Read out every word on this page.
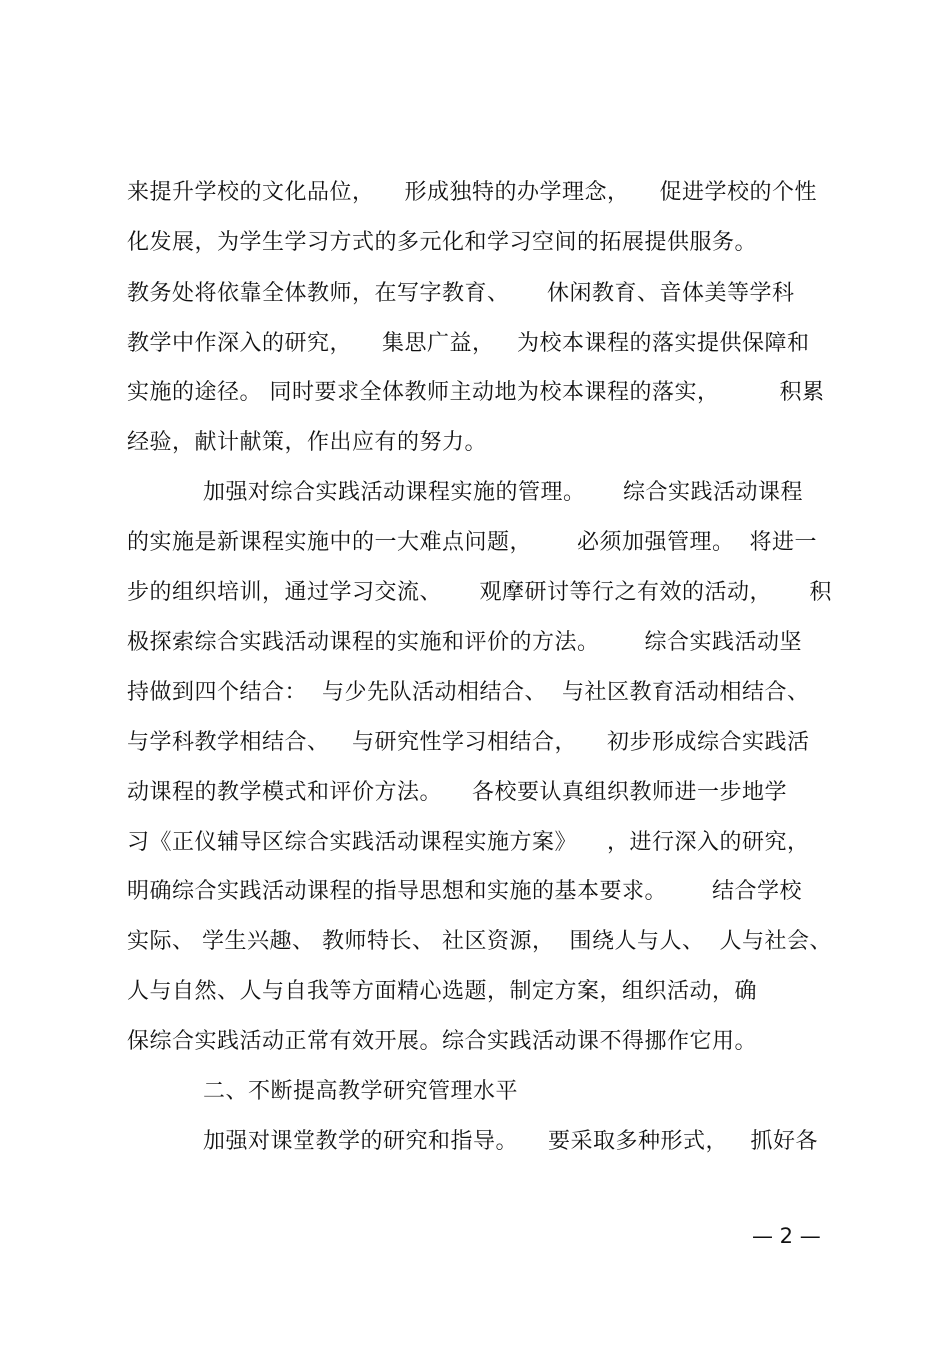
来提升学校的文化品位，    形成独特的办学理念，    促进学校的个性
化发展，为学生学习方式的多元化和学习空间的拓展提供服务。
教务处将依靠全体教师，在写字教育、     休闲教育、音体美等学科
教学中作深入的研究，    集思广益，   为校本课程的落实提供保障和
实施的途径。 同时要求全体教师主动地为校本课程的落实，        积累
经验，献计献策，作出应有的努力。
加强对综合实践活动课程实施的管理。     综合实践活动课程
的实施是新课程实施中的一大难点问题，      必须加强管理。  将进一
步的组织培训，通过学习交流、     观摩研讨等行之有效的活动，     积
极探索综合实践活动课程的实施和评价的方法。      综合实践活动坚
持做到四个结合：  与少先队活动相结合、  与社区教育活动相结合、
与学科教学相结合、   与研究性学习相结合，    初步形成综合实践活
动课程的教学模式和评价方法。    各校要认真组织教师进一步地学
习《正仪辅导区综合实践活动课程实施方案》    ，进行深入的研究，
明确综合实践活动课程的指导思想和实施的基本要求。      结合学校
实际、 学生兴趣、 教师特长、 社区资源，  围绕人与人、  人与社会、
人与自然、人与自我等方面精心选题，制定方案，组织活动，确
保综合实践活动正常有效开展。综合实践活动课不得挪作它用。
二、不断提高教学研究管理水平
加强对课堂教学的研究和指导。    要采取多种形式，   抓好各
— 2 —
